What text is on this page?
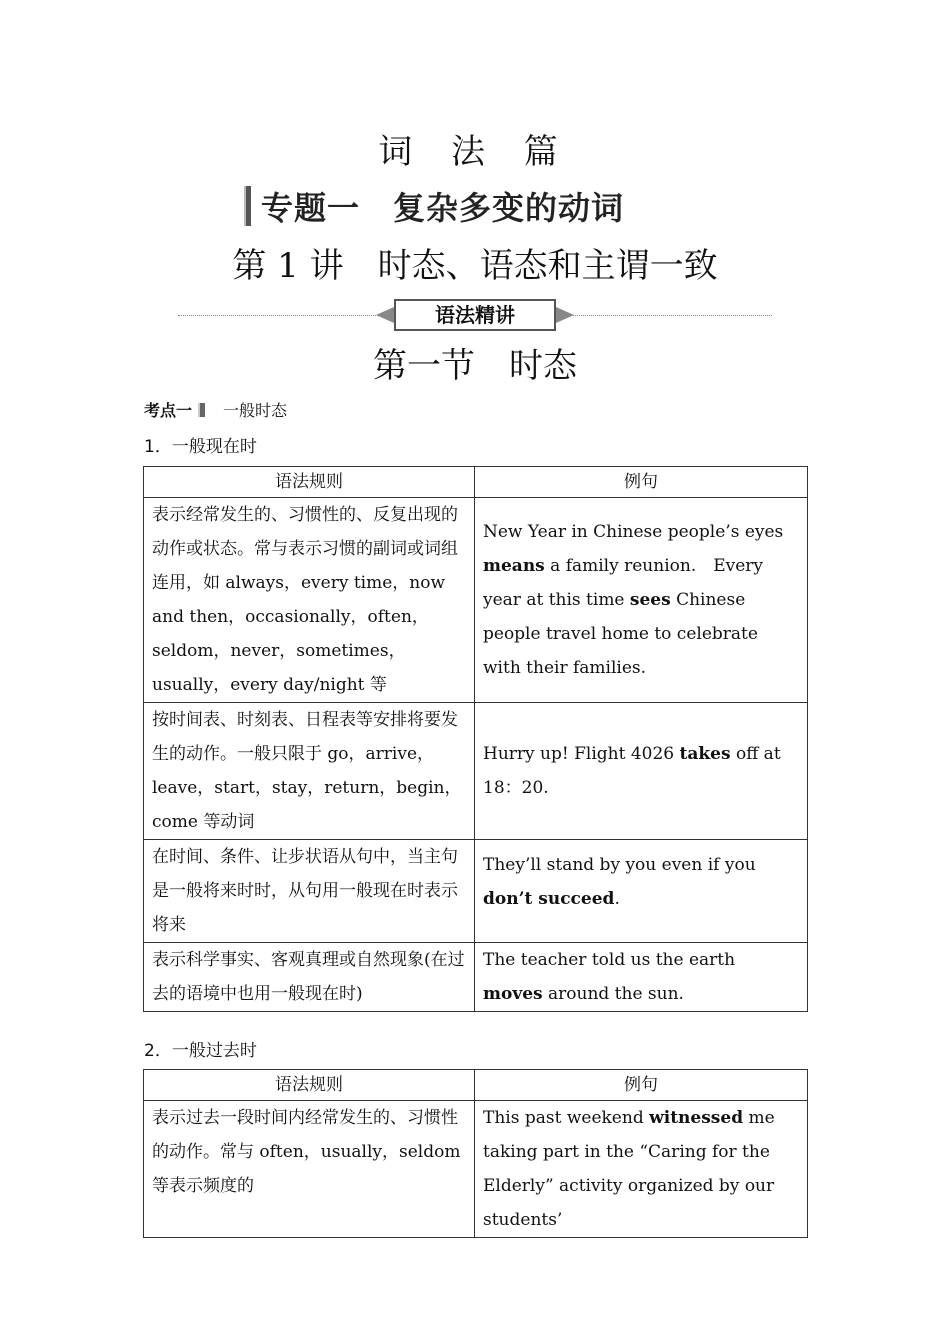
词 法 篇
专题一　复杂多变的动词
第 1 讲　时态、语态和主谓一致
语法精讲
第一节　时态
考点一 一般时态
1．一般现在时
语法规则	例句
表示经常发生的、习惯性的、反复出现的动作或状态。常与表示习惯的副词或词组连用，如 always，every time，now and then，occasionally，often，seldom，never，sometimes，usually，every day/night 等	New Year in Chinese people’s eyes means a family reunion.　Every year at this time sees Chinese people travel home to celebrate with their families.
按时间表、时刻表、日程表等安排将要发生的动作。一般只限于 go，arrive，leave，start，stay，return，begin，come 等动词	Hurry up! Flight 4026 takes off at 18：20.
在时间、条件、让步状语从句中，当主句是一般将来时时，从句用一般现在时表示将来	They’ll stand by you even if you don’t succeed.
表示科学事实、客观真理或自然现象(在过去的语境中也用一般现在时)	The teacher told us the earth moves around the sun.
2．一般过去时
语法规则	例句
表示过去一段时间内经常发生的、习惯性的动作。常与 often，usually，seldom 等表示频度的	This past weekend witnessed me taking part in the “Caring for the Elderly” activity organized by our students’
